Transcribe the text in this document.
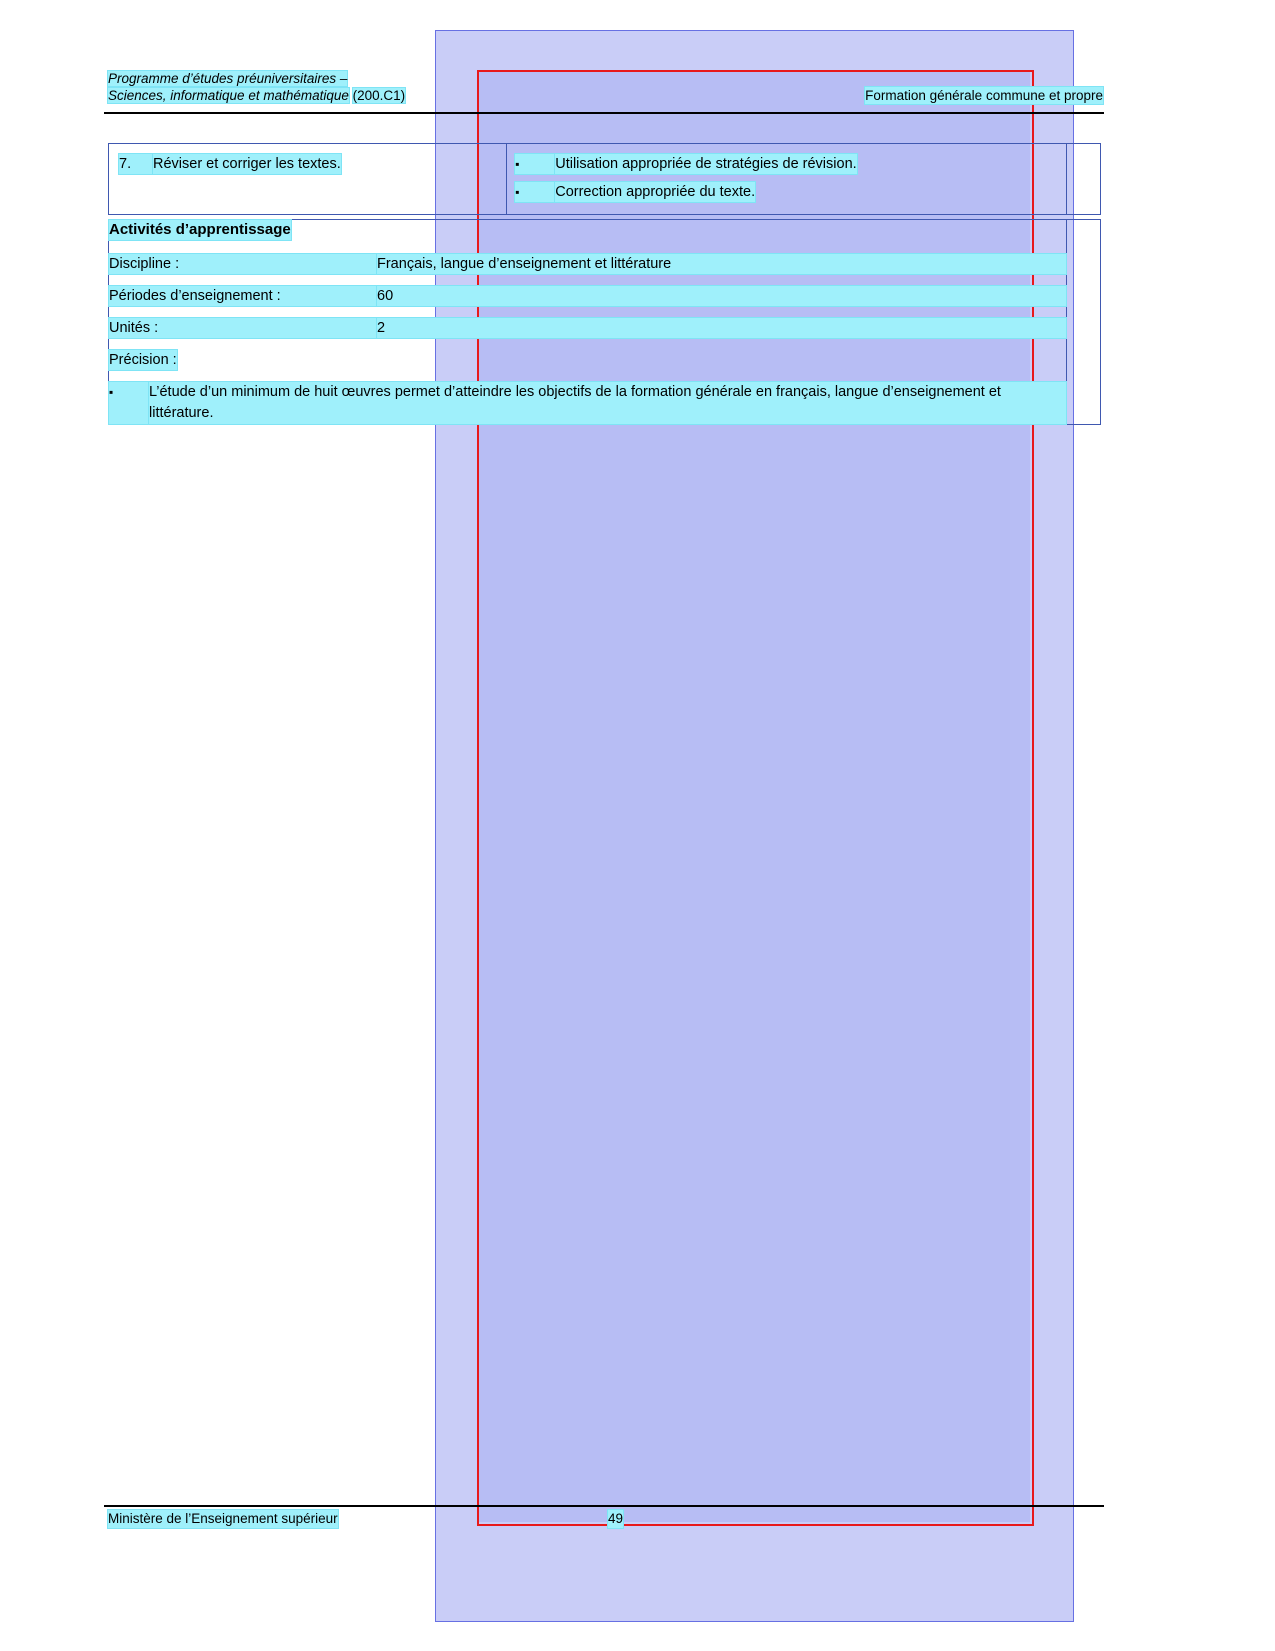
Programme d’études préuniversitaires –
Sciences, informatique et mathématique (200.C1)	Formation générale commune et propre
7.	Réviser et corriger les textes.	▪	Utilisation appropriée de stratégies de révision.
▪	Correction appropriée du texte.

Activités d’apprentissage
Discipline :	Français, langue d’enseignement et littérature
Périodes d’enseignement :	60
Unités :	2
Précision :
▪	L’étude d’un minimum de huit œuvres permet d’atteindre les objectifs de la formation générale en français, langue d’enseignement et littérature.

Ministère de l’Enseignement supérieur	49
